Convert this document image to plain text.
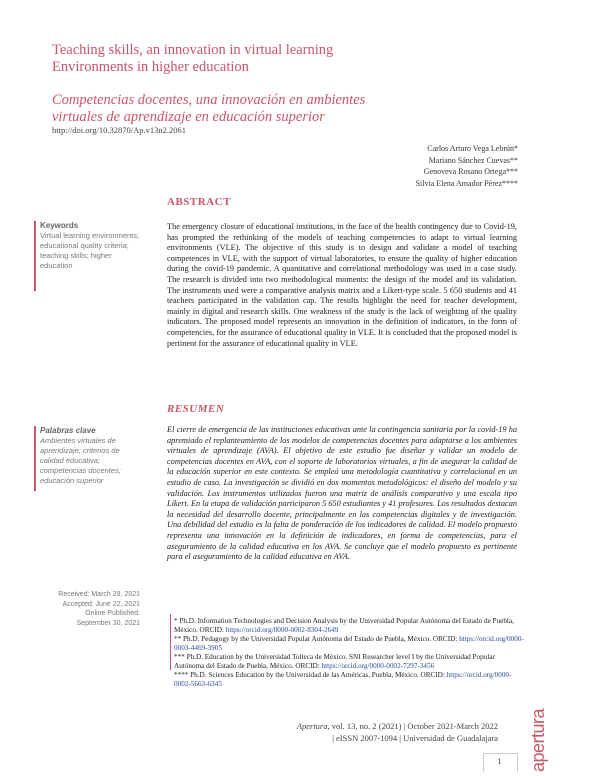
Teaching skills, an innovation in virtual learning Environments in higher education
Competencias docentes, una innovación en ambientes virtuales de aprendizaje en educación superior
http://doi.org/10.32870/Ap.v13n2.2061
Carlos Arturo Vega Lebrún*
Mariano Sánchez Cuevas**
Genoveva Rosano Ortega***
Silvia Elena Amador Pérez****
ABSTRACT
Keywords
Virtual learning environments; educational quality criteria; teaching skills; higher education
The emergency closure of educational institutions, in the face of the health contingency due to Covid-19, has prompted the rethinking of the models of teaching competencies to adapt to virtual learning environments (VLE). The objective of this study is to design and validate a model of teaching competences in VLE, with the support of virtual laboratories, to ensure the quality of higher education during the covid-19 pandemic. A quantitative and correlational methodology was used in a case study. The research is divided into two methodological moments: the design of the model and its validation. The instruments used were a comparative analysis matrix and a Likert-type scale. 5 650 students and 41 teachers participated in the validation cap. The results highlight the need for teacher development, mainly in digital and research skills. One weakness of the study is the lack of weighting of the quality indicators. The proposed model represents an innovation in the definition of indicators, in the form of competencies, for the assurance of educational quality in VLE. It is concluded that the proposed model is pertinent for the assurance of educational quality in VLE.
RESUMEN
Palabras clave
Ambientes virtuales de aprendizaje; criterios de calidad educativa; competencias docentes; educación superior
El cierre de emergencia de las instituciones educativas ante la contingencia sanitaria por la covid-19 ha apremiado el replanteamiento de los modelos de competencias docentes para adaptarse a los ambientes virtuales de aprendizaje (AVA). El objetivo de este estudio fue diseñar y validar un modelo de competencias docentes en AVA, con el soporte de laboratorios virtuales, a fin de asegurar la calidad de la educación superior en este contexto. Se empleó una metodología cuantitativa y correlacional en un estudio de caso. La investigación se dividió en dos momentos metodológicos: el diseño del modelo y su validación. Los instrumentos utilizados fueron una matriz de análisis comparativo y una escala tipo Likert. En la etapa de validación participaron 5 650 estudiantes y 41 profesores. Los resultados destacan la necesidad del desarrollo docente, principalmente en las competencias digitales y de investigación. Una debilidad del estudio es la falta de ponderación de los indicadores de calidad. El modelo propuesto representa una innovación en la definición de indicadores, en forma de competencias, para el aseguramiento de la calidad educativa en los AVA. Se concluye que el modelo propuesto es pertinente para el aseguramiento de la calidad educativa en AVA.
Received: March 29, 2021
Accepted: June 22, 2021
Online Published:
September 30, 2021	* Ph.D. Information Technologies and Decision Analysis by the Universidad Popular Autónoma del Estado de Puebla, México. ORCID: https://orcid.org/0000-0002-8304-2649
** Ph.D. Pedagogy by the Universidad Popular Autónoma del Estado de Puebla, México. ORCID: https://orcid.org/0000-0003-4469-3905
*** Ph.D. Education by the Universidad Tolteca de México. SNI Researcher level I by the Universidad Popular Autónoma del Estado de Puebla, México. ORCID: https://orcid.org/0000-0002-7297-3456
**** Ph.D. Sciences Education by the Universidad de las Américas, Puebla, México. ORCID: https://orcid.org/0000-0002-5663-6345
Apertura, vol. 13, no. 2 (2021) | October 2021-March 2022
| eISSN 2007-1094 | Universidad de Guadalajara
1	apertura
